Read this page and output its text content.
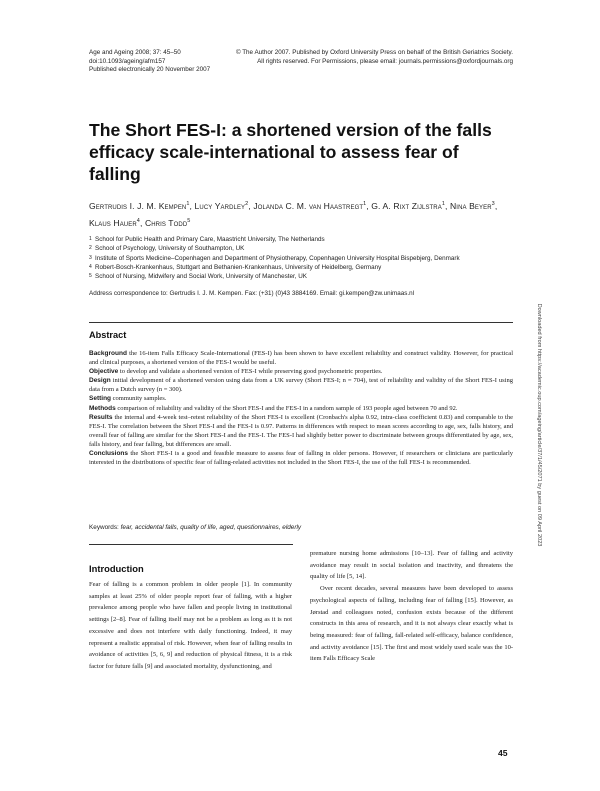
Age and Ageing 2008; 37: 45–50	© The Author 2007. Published by Oxford University Press on behalf of the British Geriatrics Society.
doi:10.1093/ageing/afm157	All rights reserved. For Permissions, please email: journals.permissions@oxfordjournals.org
Published electronically 20 November 2007
The Short FES-I: a shortened version of the falls efficacy scale-international to assess fear of falling
Gertrudis I. J. M. Kempen$^1$, Lucy Yardley$^2$, Jolanda C. M. van Haastregt$^1$, G. A. Rixt Zijlstra$^1$, Nina Beyer$^3$, Klaus Hauer$^4$, Chris Todd$^5$
1 School for Public Health and Primary Care, Maastricht University, The Netherlands
2 School of Psychology, University of Southampton, UK
3 Institute of Sports Medicine–Copenhagen and Department of Physiotherapy, Copenhagen University Hospital Bispebjerg, Denmark
4 Robert-Bosch-Krankenhaus, Stuttgart and Bethanien-Krankenhaus, University of Heidelberg, Germany
5 School of Nursing, Midwifery and Social Work, University of Manchester, UK
Address correspondence to: Gertrudis I. J. M. Kempen. Fax: (+31) (0)43 3884169. Email: gi.kempen@zw.unimaas.nl
Downloaded from https://academic.oup.com/ageing/article/37/1/45/2071 by guest on 09 April 2023
Abstract

Background the 16-item Falls Efficacy Scale-International (FES-I) has been shown to have excellent reliability and construct validity. However, for practical and clinical purposes, a shortened version of the FES-I would be useful.

Objective to develop and validate a shortened version of FES-I while preserving good psychometric properties.

Design initial development of a shortened version using data from a UK survey (Short FES-I; n = 704), test of reliability and validity of the Short FES-I using data from a Dutch survey (n = 300).

Setting community samples.

Methods comparison of reliability and validity of the Short FES-I and the FES-I in a random sample of 193 people aged between 70 and 92.

Results the internal and 4-week test–retest reliability of the Short FES-I is excellent (Cronbach's alpha 0.92, intra-class coefficient 0.83) and comparable to the FES-I. The correlation between the Short FES-I and the FES-I is 0.97. Patterns in differences with respect to mean scores according to age, sex, falls history, and overall fear of falling are similar for the Short FES-I and the FES-I. The FES-I had slightly better power to discriminate between groups differentiated by age, sex, falls history, and fear falling, but differences are small.

Conclusions the Short FES-I is a good and feasible measure to assess fear of falling in older persons. However, if researchers or clinicians are particularly interested in the distributions of specific fear of falling-related activities not included in the Short FES-I, the use of the full FES-I is recommended.

Keywords: fear, accidental falls, quality of life, aged, questionnaires, elderly
Introduction

Fear of falling is a common problem in older people [1]. In community samples at least 25% of older people report fear of falling, with a higher prevalence among people who have fallen and people living in institutional settings [2–8]. Fear of falling itself may not be a problem as long as it is not excessive and does not interfere with daily functioning. Indeed, it may represent a realistic appraisal of risk. However, when fear of falling results in avoidance of activities [5, 6, 9] and reduction of physical fitness, it is a risk factor for future falls [9] and associated mortality, dysfunctioning, and

premature nursing home admissions [10–13]. Fear of falling and activity avoidance may result in social isolation and inactivity, and threatens the quality of life [5, 14].

Over recent decades, several measures have been developed to assess psychological aspects of falling, including fear of falling [15]. However, as Jørstad and colleagues noted, confusion exists because of the different constructs in this area of research, and it is not always clear exactly what is being measured: fear of falling, fall-related self-efficacy, balance confidence, and activity avoidance [15]. The first and most widely used scale was the 10-item Falls Efficacy Scale

45
